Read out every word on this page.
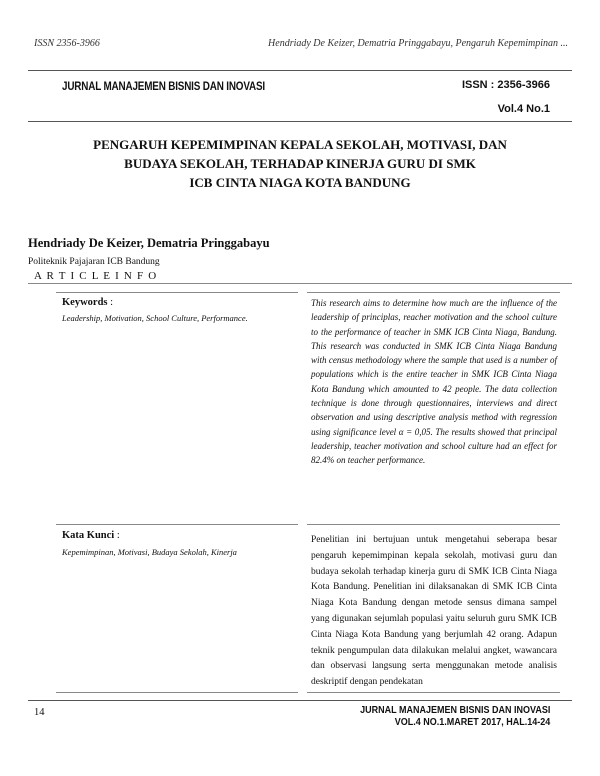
ISSN 2356-3966	Hendriady De Keizer, Dematria Pringgabayu, Pengaruh Kepemimpinan ...
JURNAL MANAJEMEN BISNIS DAN INOVASI	ISSN : 2356-3966
Vol.4 No.1
PENGARUH KEPEMIMPINAN KEPALA SEKOLAH, MOTIVASI, DAN
BUDAYA SEKOLAH, TERHADAP KINERJA GURU DI SMK
ICB CINTA NIAGA KOTA BANDUNG
Hendriady De Keizer, Dematria Pringgabayu
Politeknik Pajajaran ICB Bandung
A R T I C L E I N F O
Keywords :
Leadership, Motivation, School Culture, Performance.
This research aims to determine how much are the influence of the leadership of principlas, reacher motivation and the school culture to the performance of teacher in SMK ICB Cinta Niaga, Bandung. This research was conducted in SMK ICB Cinta Niaga Bandung with census methodology where the sample that used is a number of populations which is the entire teacher in SMK ICB Cinta Niaga Kota Bandung which amounted to 42 people. The data collection technique is done through questionnaires, interviews and direct observation and using descriptive analysis method with regression using significance level α = 0,05. The results showed that principal leadership, teacher motivation and school culture had an effect for 82.4% on teacher performance.
Kata Kunci :
Kepemimpinan, Motivasi, Budaya Sekolah, Kinerja
Penelitian ini bertujuan untuk mengetahui seberapa besar pengaruh kepemimpinan kepala sekolah, motivasi guru dan budaya sekolah terhadap kinerja guru di SMK ICB Cinta Niaga Kota Bandung. Penelitian ini dilaksanakan di SMK ICB Cinta Niaga Kota Bandung dengan metode sensus dimana sampel yang digunakan sejumlah populasi yaitu seluruh guru SMK ICB Cinta Niaga Kota Bandung yang berjumlah 42 orang. Adapun teknik pengumpulan data dilakukan melalui angket, wawancara dan observasi langsung serta menggunakan metode analisis deskriptif dengan pendekatan
14	JURNAL MANAJEMEN BISNIS DAN INOVASI
VOL.4 NO.1.MARET 2017, HAL.14-24
